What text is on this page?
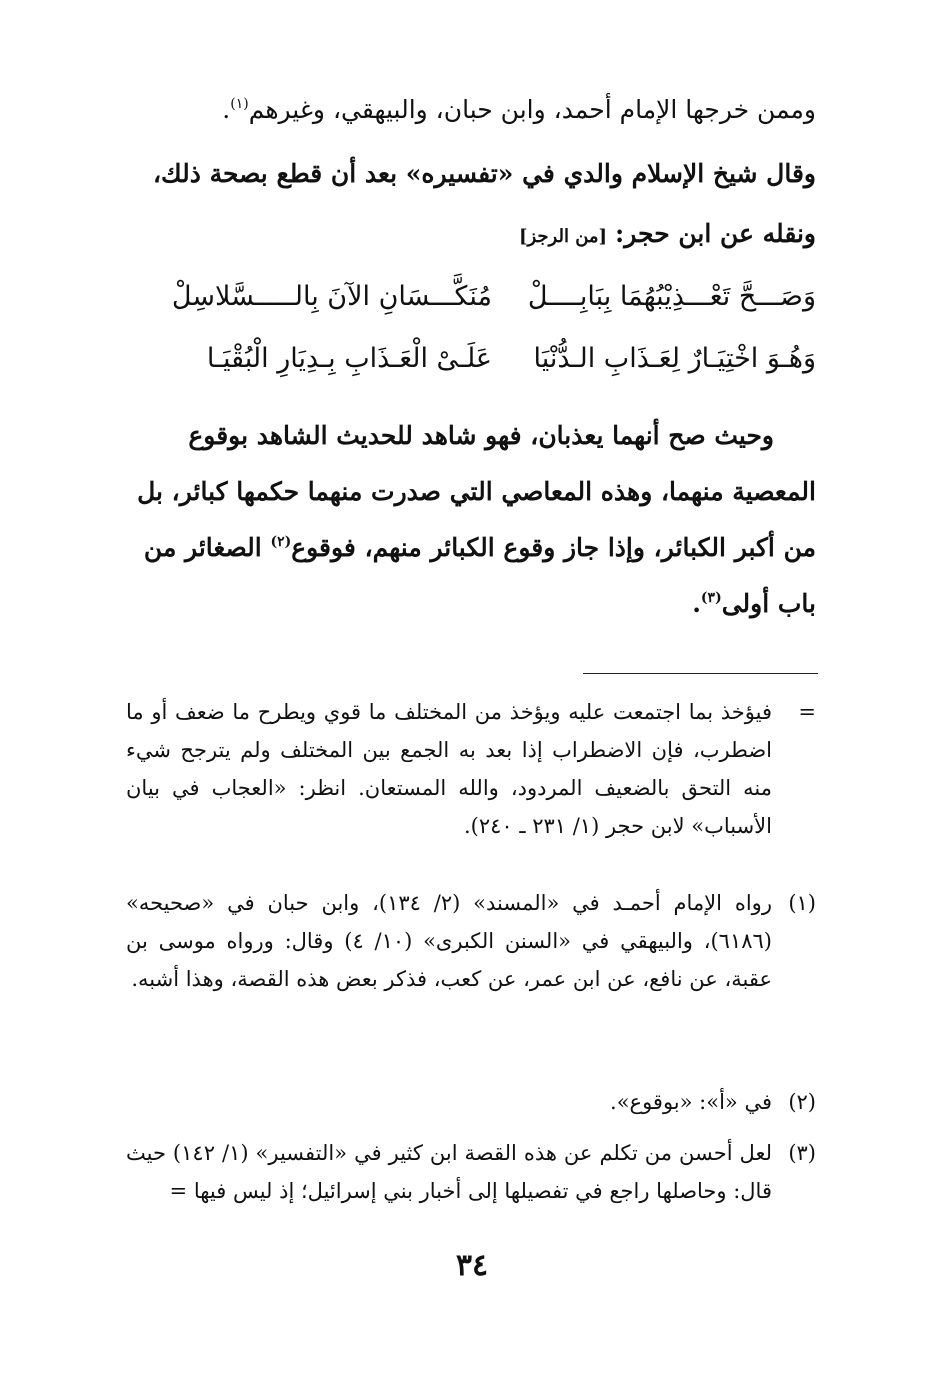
وممن خرجها الإمام أحمد، وابن حبان، والبيهقي، وغيرهم$^{(١)}$.
وقال شيخ الإسلام والدي في «تفسيره» بعد أن قطع بصحة ذلك،
ونقله عن ابن حجر: [من الرجز]
وَصَـــحَّ تَعْـــذِيْبُهُمَا بِبَابِــــلْ
مُنَكَّـــسَانِ الآنَ بِالـــــسَّلاسِلْ
وَهُـوَ اخْتِيَـارٌ لِعَـذَابِ الـدُّنْيَا
عَلَـىْ الْعَـذَابِ بِـدِيَارِ الْبُقْيَـا
وحيث صح أنهما يعذبان، فهو شاهد للحديث الشاهد بوقوع
المعصية منهما، وهذه المعاصي التي صدرت منهما حكمها كبائر، بل
من أكبر الكبائر، وإذا جاز وقوع الكبائر منهم، فوقوع$^{(٢)}$ الصغائر من
باب أولى$^{(٣)}$.
=
فيؤخذ بما اجتمعت عليه ويؤخذ من المختلف ما قوي ويطرح ما ضعف أو ما اضطرب، فإن الاضطراب إذا بعد به الجمع بين المختلف ولم يترجح شيء منه التحق بالضعيف المردود، والله المستعان. انظر: «العجاب في بيان الأسباب» لابن حجر (١/ ٢٣١ ـ ٢٤٠).
(١)
رواه الإمام أحمـد في «المسند» (٢/ ١٣٤)، وابن حبان في «صحيحه» (٦١٨٦)، والبيهقي في «السنن الكبرى» (١٠/ ٤) وقال: ورواه موسى بن عقبة، عن نافع، عن ابن عمر، عن كعب، فذكر بعض هذه القصة، وهذا أشبه.
(٢)
في «أ»: «بوقوع».
(٣)
لعل أحسن من تكلم عن هذه القصة ابن كثير في «التفسير» (١/ ١٤٢) حيث قال: وحاصلها راجع في تفصيلها إلى أخبار بني إسرائيل؛ إذ ليس فيها =
٣٤
